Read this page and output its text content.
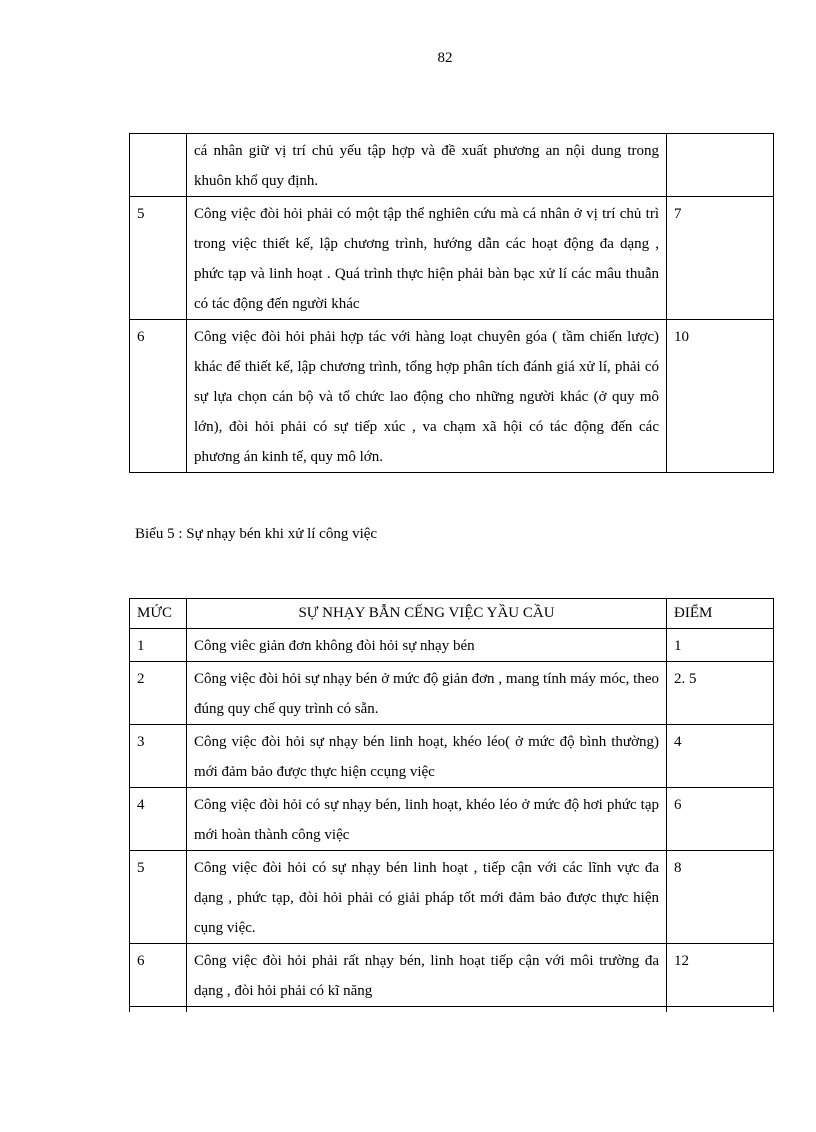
82
	cá nhân giữ vị trí chủ yếu tập hợp và đề xuất phương an nội dung trong khuôn khổ quy định.	
5	Công việc đòi hỏi phải có một tập thể nghiên cứu mà cá nhân ở vị trí chủ trì trong việc thiết kế, lập chương trình, hướng dẫn các hoạt động đa dạng , phức tạp và linh hoạt . Quá trình thực hiện phải bàn bạc xử lí các mâu thuẫn có tác động đến người khác	7
6	Công việc đòi hỏi phải hợp tác với hàng loạt chuyên góa ( tầm chiến lược) khác để thiết kế, lập chương trình, tổng hợp phân tích đánh giá xử lí, phải có sự lựa chọn cán bộ và tổ chức lao động cho những người khác (ở quy mô lớn), đòi hỏi phải có sự tiếp xúc , va chạm xã hội có tác động đến các phương án kinh tế, quy mô lớn.	10
Biểu 5 : Sự nhạy bén khi xử lí công việc
MỨC	SỰ NHẠY BẪN CẾNG VIỆC YẦU CẦU	ĐIỂM
1	Công viêc giản đơn không đòi hỏi sự nhạy bén	1
2	Công việc đòi hỏi sự nhạy bén ở mức độ giản đơn , mang tính máy móc, theo đúng quy chế quy trình có sẵn.	2. 5
3	Công việc đòi hỏi sự nhạy bén linh hoạt, khéo léo( ở mức độ bình thường) mới đảm bảo được thực hiện ccụng việc	4
4	Công việc đòi hỏi có sự nhạy bén, linh hoạt, khéo léo ở mức độ hơi phức tạp mới hoàn thành công việc	6
5	Công việc đòi hỏi có sự nhạy bén linh hoạt , tiếp cận với các lĩnh vực đa dạng , phức tạp, đòi hỏi phải có giải pháp tốt mới đảm bảo được thực hiện cụng việc.	8
6	Công việc đòi hỏi phải rất nhạy bén, linh hoạt tiếp cận với môi trường đa dạng , đòi hỏi phải có kĩ năng	12
